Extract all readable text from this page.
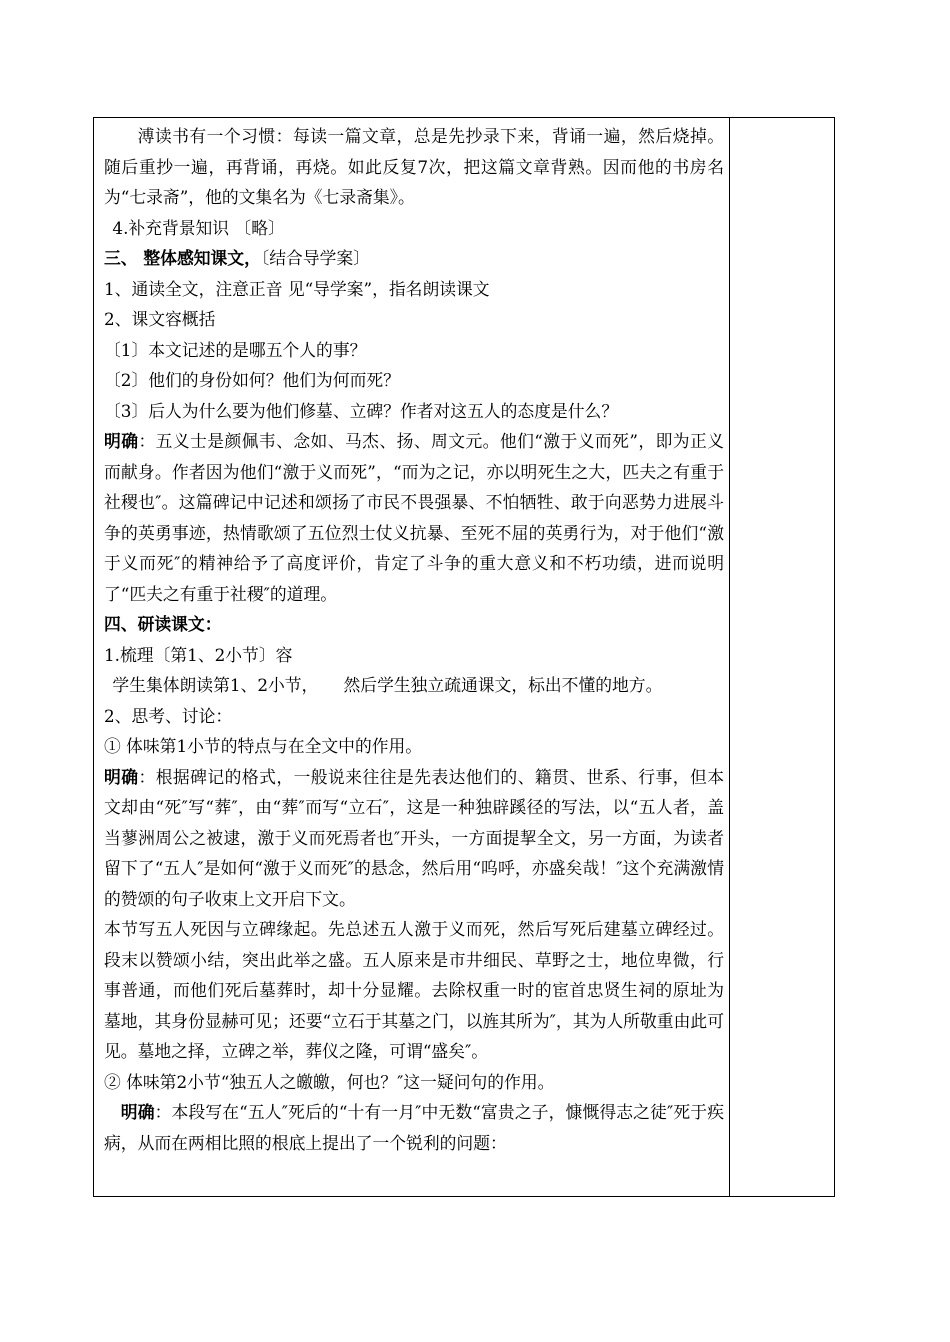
溥读书有一个习惯：每读一篇文章，总是先抄录下来，背诵一遍，然后烧掉。随后重抄一遍，再背诵，再烧。如此反复7次，把这篇文章背熟。因而他的书房名为“七录斋”，他的文集名为《七录斋集》。

4.补充背景知识 〔略〕

三、 整体感知课文，〔结合导学案〕

1、通读全文，注意正音 见“导学案”，指名朗读课文

2、课文容概括

〔1〕本文记述的是哪五个人的事？

〔2〕他们的身份如何？他们为何而死？

〔3〕后人为什么要为他们修墓、立碑？作者对这五人的态度是什么？

明确：五义士是颜佩韦、念如、马杰、扬、周文元。他们“激于义而死”，即为正义而献身。作者因为他们“激于义而死”，“而为之记，亦以明死生之大，匹夫之有重于社稷也″。这篇碑记中记述和颂扬了市民不畏强暴、不怕牺牲、敢于向恶势力进展斗争的英勇事迹，热情歌颂了五位烈士仗义抗暴、至死不屈的英勇行为，对于他们“激于义而死″的精神给予了高度评价，肯定了斗争的重大意义和不朽功绩，进而说明了“匹夫之有重于社稷″的道理。

四、研读课文：

1.梳理〔第1、2小节〕容

学生集体朗读第1、2小节，　　然后学生独立疏通课文，标出不懂的地方。

2、思考、讨论：

① 体味第1小节的特点与在全文中的作用。

明确：根据碑记的格式，一般说来往往是先表达他们的、籍贯、世系、行事，但本文却由“死″写“葬″，由“葬″而写“立石″，这是一种独辟蹊径的写法，以“五人者，盖当蓼洲周公之被逮，激于义而死焉者也″开头，一方面提挈全文，另一方面，为读者留下了“五人″是如何“激于义而死″的悬念，然后用“呜呼，亦盛矣哉！″这个充满激情的赞颂的句子收束上文开启下文。

本节写五人死因与立碑缘起。先总述五人激于义而死，然后写死后建墓立碑经过。段末以赞颂小结，突出此举之盛。五人原来是市井细民、草野之士，地位卑微，行事普通，而他们死后墓葬时，却十分显耀。去除权重一时的宦首忠贤生祠的原址为墓地，其身份显赫可见；还要“立石于其墓之门，以旌其所为″，其为人所敬重由此可见。墓地之择，立碑之举，葬仪之隆，可谓“盛矣″。

② 体味第2小节“独五人之皦皦，何也？″这一疑问句的作用。

明确：本段写在“五人″死后的“十有一月″中无数“富贵之子，慷慨得志之徒″死于疾病，从而在两相比照的根底上提出了一个锐利的问题：
